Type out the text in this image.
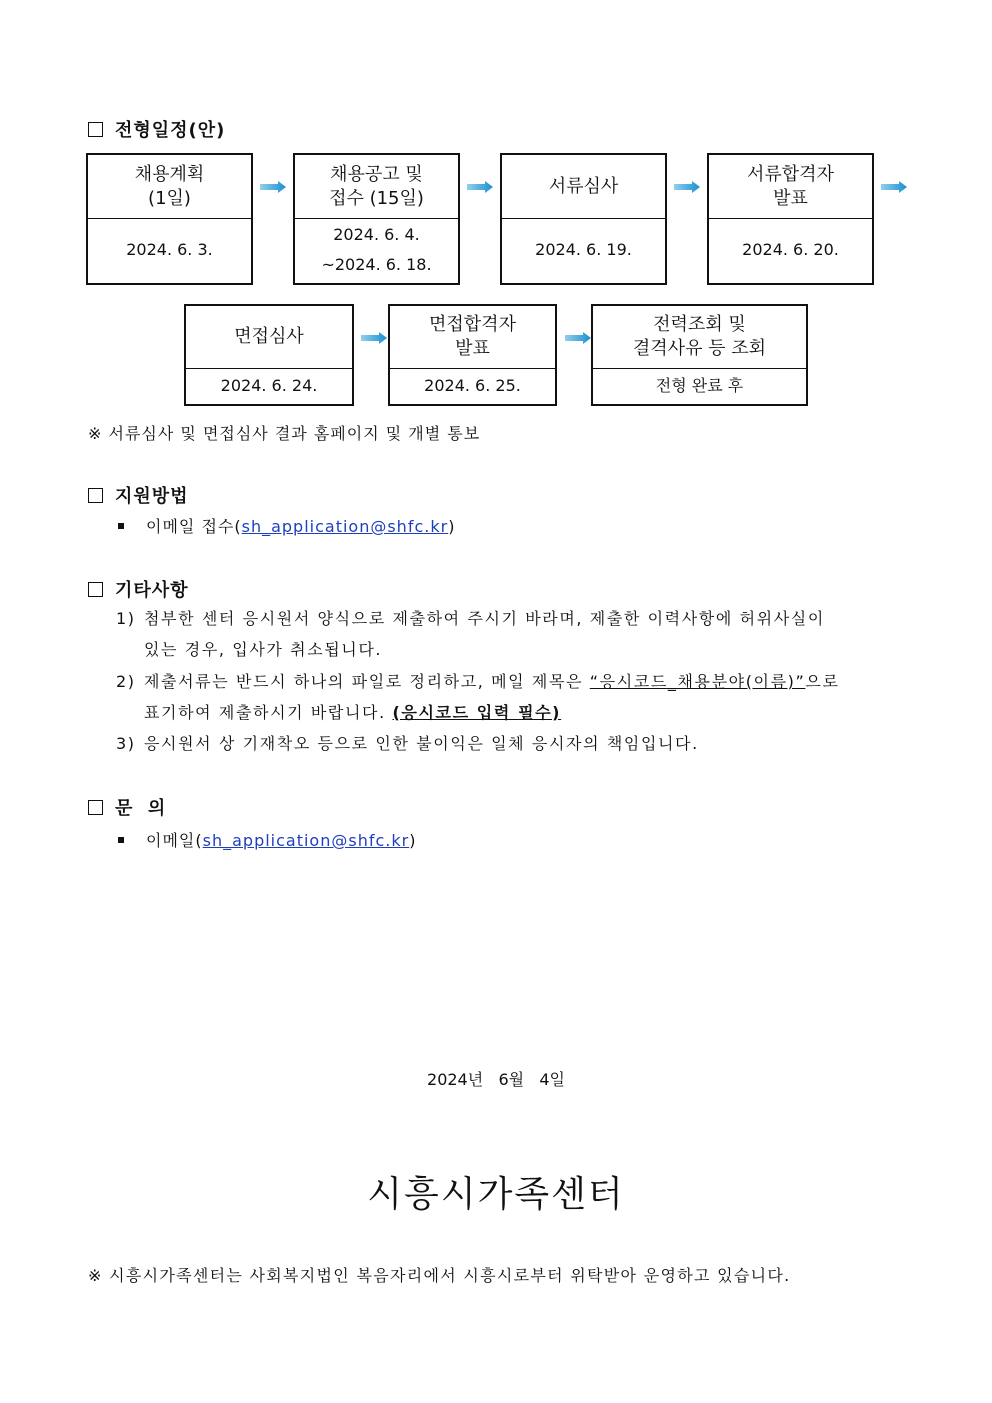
전형일정(안)
채용계획
(1일)
2024. 6. 3.
채용공고 및
접수 (15일)
2024. 6. 4.
~2024. 6. 18.
서류심사
2024. 6. 19.
서류합격자
발표
2024. 6. 20.
면접심사
2024. 6. 24.
면접합격자
발표
2024. 6. 25.
전력조회 및
결격사유 등 조회
전형 완료 후
※ 서류심사 및 면접심사 결과 홈페이지 및 개별 통보
지원방법
이메일 접수(sh_application@shfc.kr)
기타사항
1) 첨부한 센터 응시원서 양식으로 제출하여 주시기 바라며, 제출한 이력사항에 허위사실이
있는 경우, 입사가 취소됩니다.
2) 제출서류는 반드시 하나의 파일로 정리하고, 메일 제목은 “응시코드_채용분야(이름)”으로
표기하여 제출하시기 바랍니다. (응시코드 입력 필수)
3) 응시원서 상 기재착오 등으로 인한 불이익은 일체 응시자의 책임입니다.
문  의
이메일(sh_application@shfc.kr)
2024년   6월   4일
시흥시가족센터
※ 시흥시가족센터는 사회복지법인 복음자리에서 시흥시로부터 위탁받아 운영하고 있습니다.
